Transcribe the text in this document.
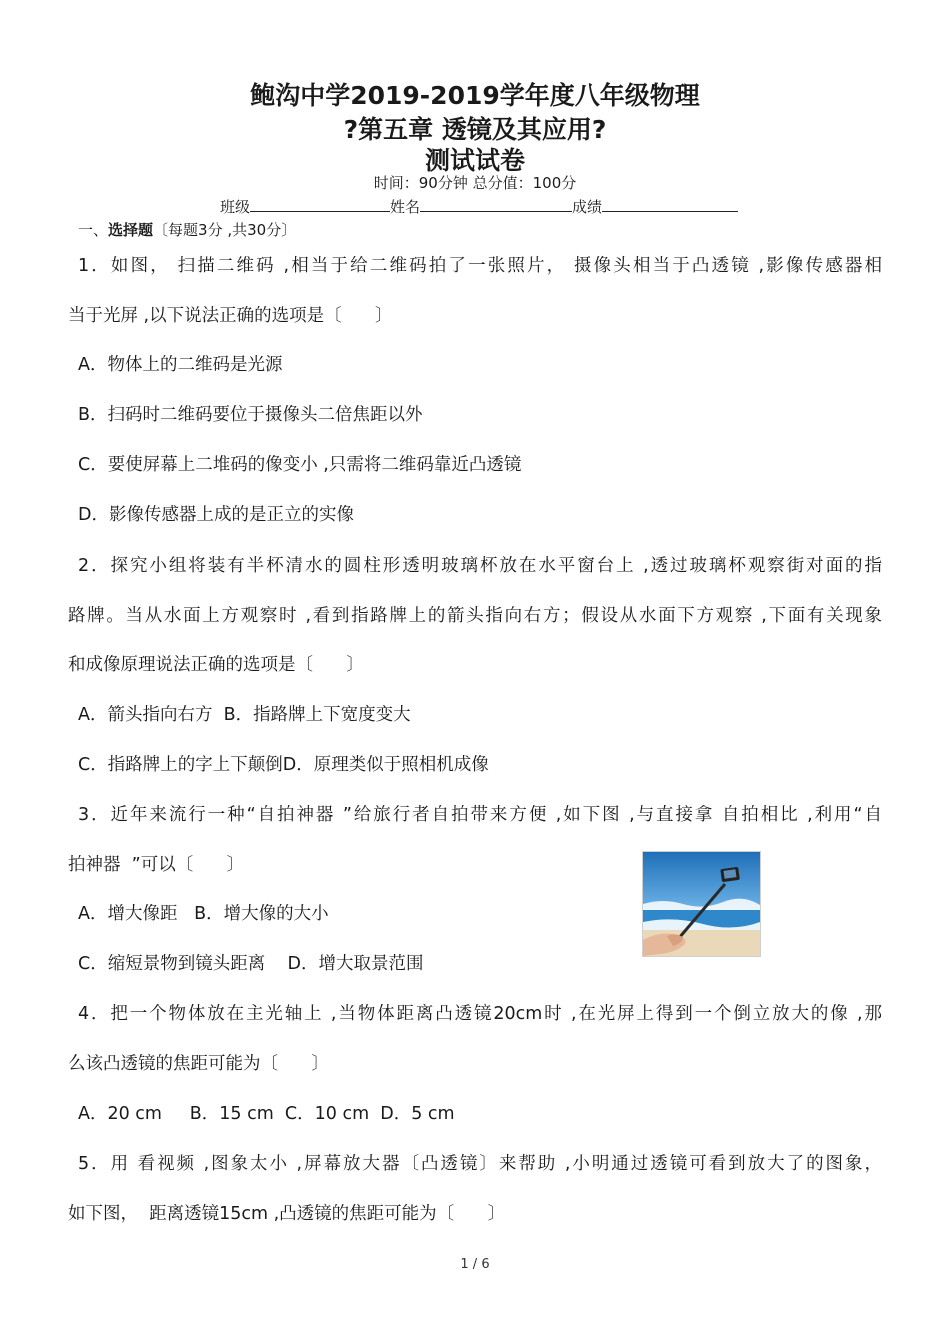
鲍沟中学2019-2019学年度八年级物理
?第五章 透镜及其应用?
测试试卷
时间：90分钟 总分值：100分
班级	姓名	成绩
一、选择题〔每题3分 ,共30分〕
1．如图， 扫描二维码 ,相当于给二维码拍了一张照片， 摄像头相当于凸透镜 ,影像传感器相
当于光屏 ,以下说法正确的选项是〔      〕
A．物体上的二维码是光源
B．扫码时二维码要位于摄像头二倍焦距以外
C．要使屏幕上二堆码的像变小 ,只需将二维码靠近凸透镜
D．影像传感器上成的是正立的实像
2．探究小组将装有半杯清水的圆柱形透明玻璃杯放在水平窗台上 ,透过玻璃杯观察街对面的指
路牌。当从水面上方观察时 ,看到指路牌上的箭头指向右方；假设从水面下方观察 ,下面有关现象
和成像原理说法正确的选项是〔      〕
A．箭头指向右方  B．指路牌上下宽度变大
C．指路牌上的字上下颠倒D．原理类似于照相机成像
3．近年来流行一种“自拍神器 ”给旅行者自拍带来方便 ,如下图 ,与直接拿 自拍相比 ,利用“自
拍神器  ”可以〔      〕
A．增大像距   B．增大像的大小
C．缩短景物到镜头距离    D．增大取景范围
4．把一个物体放在主光轴上 ,当物体距离凸透镜20cm时 ,在光屏上得到一个倒立放大的像 ,那
么该凸透镜的焦距可能为〔      〕
A．20 cm     B．15 cm  C．10 cm  D．5 cm
5．用 看视频 ,图象太小 ,屏幕放大器〔凸透镜〕来帮助 ,小明通过透镜可看到放大了的图象，
如下图，  距离透镜15cm ,凸透镜的焦距可能为〔      〕
1 / 6
